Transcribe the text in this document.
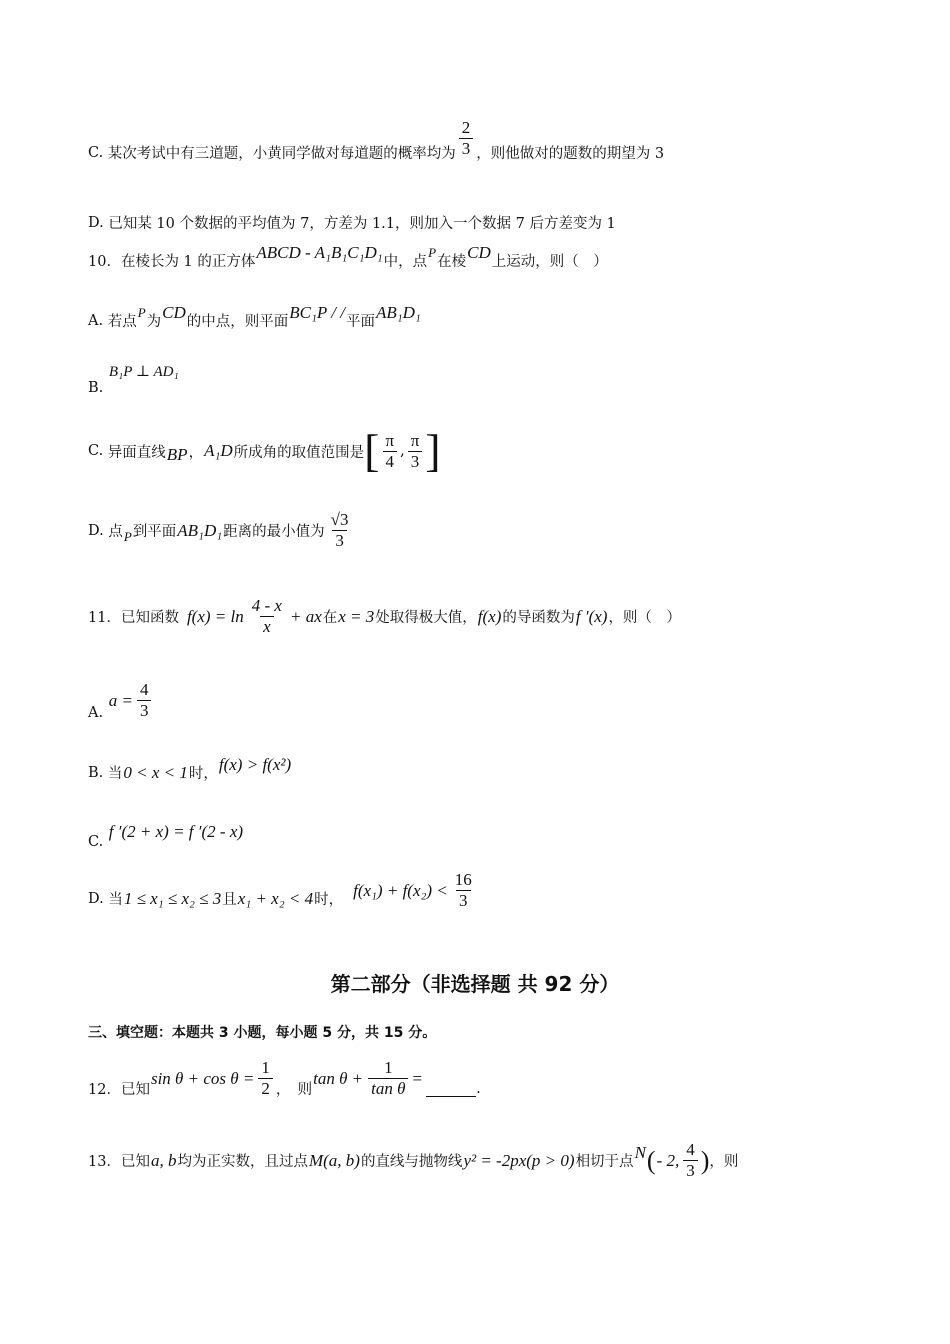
C.
某次考试中有三道题，小黄同学做对每道题的概率均为 $\frac{2}{3}$ ，则他做对的题数的期望为 3
D.
已知某 10 个数据的平均值为 7，方差为 1.1，则加入一个数据 7 后方差变为 1
10． 在棱长为 1 的正方体
ABCD - A₁B₁C₁D₁
中，点
P
在棱
CD
上运动，则（　）
A.
若点
P
为
CD
的中点，则平面
BC₁P / /
平面
AB₁D₁
B.

B₁P ⊥ AD₁
C.
异面直线 BP ， A₁D 所成角的取值范围是 [ $\frac{\pi}{4}$ , $\frac{\pi}{3}$ ]
D.
点 P 到平面 AB₁D₁ 距离的最小值为 $\frac{√3}{3}$
11． 已知函数 $f(x) = \ln \frac{4 - x}{x}$ + ax 在 x = 3 处取得极大值， f(x) 的导函数为 f ′(x) ，则（　）
A.

$a = \frac{4}{3}$
B.
当 0 < x < 1 时，
f(x) > f(x²)
C.

f ′(2 + x) = f ′(2 - x)
D.
当 1 ≤ x₁ ≤ x₂ ≤ 3 且 x₁ + x₂ < 4 时，
$f(x_1) + f(x_2) < \frac{16}{3}$
第二部分（非选择题 共 92 分）
三、填空题：本题共 3 小题，每小题 5 分，共 15 分。
12． 已知
$\sin \theta + \cos \theta = \frac{1}{2}$ ，　则
$\tan \theta + \frac{1}{\text{tan θ}}$ =
.
13． 已知 a, b 均为正实数，且过点 M(a, b) 的直线与抛物线 y² = -2px(p > 0) 相切于点
N ( - 2, $\frac{4}{3}$ ) ，则
